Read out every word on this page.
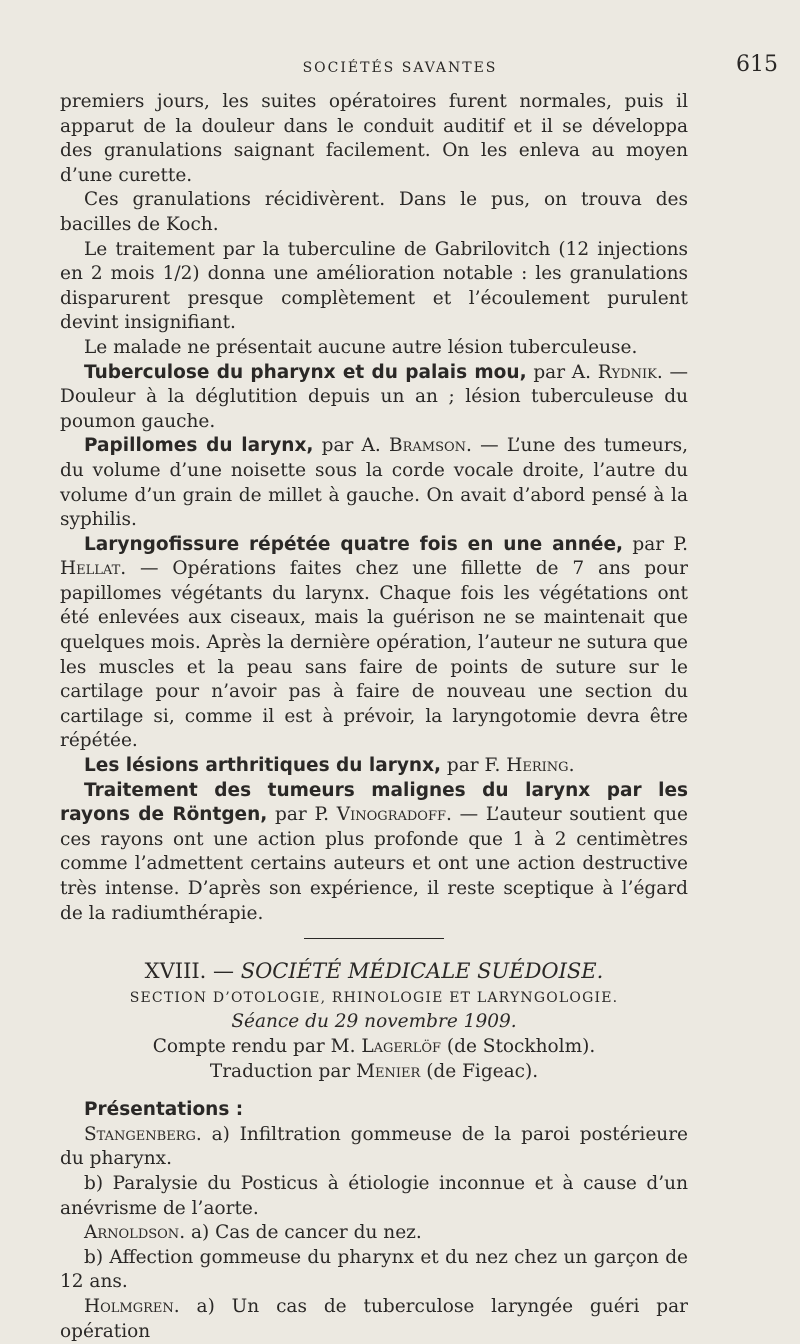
SOCIÉTÉS SAVANTES	615

premiers jours, les suites opératoires furent normales, puis il apparut de la douleur dans le conduit auditif et il se développa des granulations saignant facilement. On les enleva au moyen d’une curette.

Ces granulations récidivèrent. Dans le pus, on trouva des bacilles de Koch.

Le traitement par la tuberculine de Gabrilovitch (12 injections en 2 mois 1/2) donna une amélioration notable : les granulations disparurent presque complètement et l’écoulement purulent devint insignifiant.

Le malade ne présentait aucune autre lésion tuberculeuse.

Tuberculose du pharynx et du palais mou, par A. Rydnik. — Douleur à la déglutition depuis un an ; lésion tuberculeuse du poumon gauche.

Papillomes du larynx, par A. Bramson. — L’une des tumeurs, du volume d’une noisette sous la corde vocale droite, l’autre du volume d’un grain de millet à gauche. On avait d’abord pensé à la syphilis.

Laryngofissure répétée quatre fois en une année, par P. Hellat. — Opérations faites chez une fillette de 7 ans pour papillomes végétants du larynx. Chaque fois les végétations ont été enlevées aux ciseaux, mais la guérison ne se maintenait que quelques mois. Après la dernière opération, l’auteur ne sutura que les muscles et la peau sans faire de points de suture sur le cartilage pour n’avoir pas à faire de nouveau une section du cartilage si, comme il est à prévoir, la laryngotomie devra être répétée.

Les lésions arthritiques du larynx, par F. Hering.

Traitement des tumeurs malignes du larynx par les rayons de Röntgen, par P. Vinogradoff. — L’auteur soutient que ces rayons ont une action plus profonde que 1 à 2 centimètres comme l’admettent certains auteurs et ont une action destructive très intense. D’après son expérience, il reste sceptique à l’égard de la radiumthérapie.

XVIII. — SOCIÉTÉ MÉDICALE SUÉDOISE.

SECTION D’OTOLOGIE, RHINOLOGIE ET LARYNGOLOGIE.

Séance du 29 novembre 1909.

Compte rendu par M. Lagerlöf (de Stockholm).

Traduction par Menier (de Figeac).

Présentations :

Stangenberg. a) Infiltration gommeuse de la paroi postérieure du pharynx.

b) Paralysie du Posticus à étiologie inconnue et à cause d’un anévrisme de l’aorte.

Arnoldson. a) Cas de cancer du nez.

b) Affection gommeuse du pharynx et du nez chez un garçon de 12 ans.

Holmgren. a) Un cas de tuberculose laryngée guéri par opération
